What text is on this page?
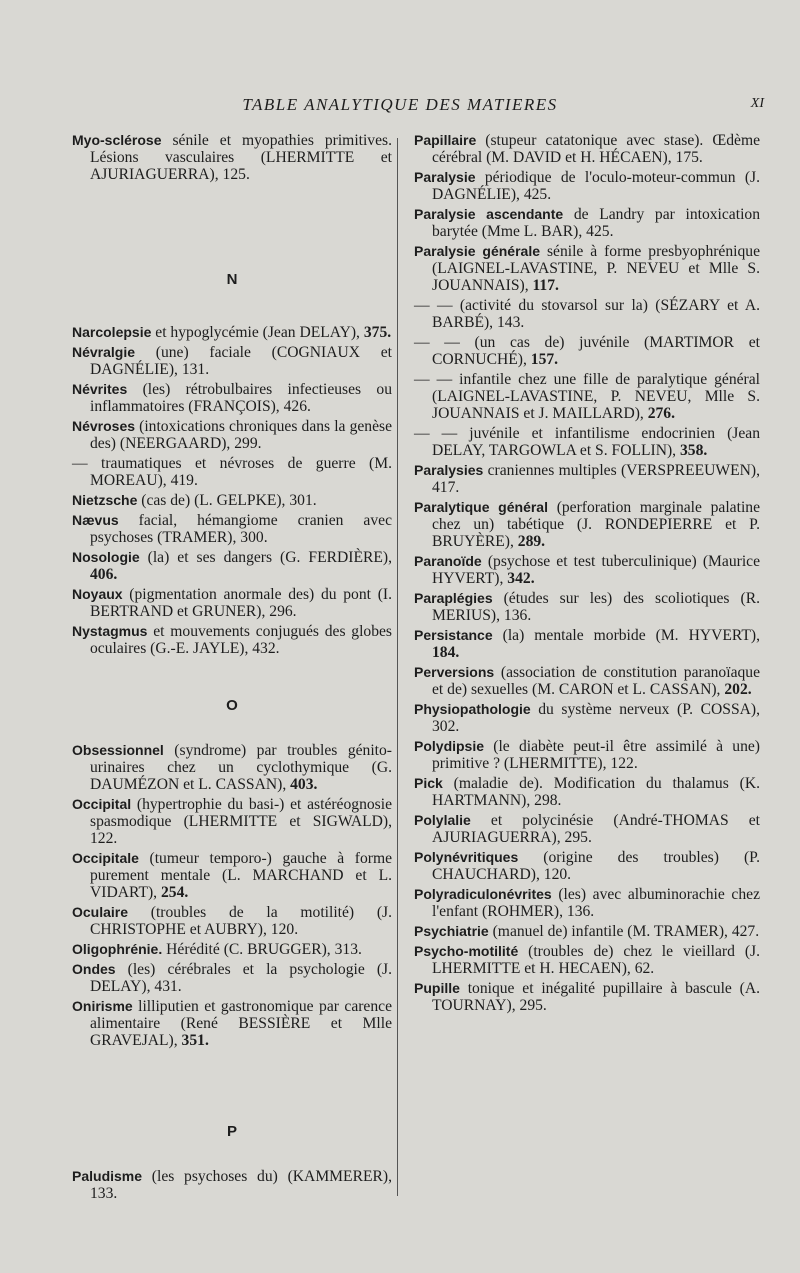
TABLE ANALYTIQUE DES MATIERES	XI
Myo-sclérose sénile et myopathies primitives. Lésions vasculaires (LHERMITTE et AJURIAGUERRA), 125.
N
Narcolepsie et hypoglycémie (Jean DELAY), 375.
Névralgie (une) faciale (COGNIAUX et DAGNÉLIE), 131.
Névrites (les) rétrobulbaires infectieuses ou inflammatoires (FRANÇOIS), 426.
Névroses (intoxications chroniques dans la genèse des) (NEERGAARD), 299.
— traumatiques et névroses de guerre (M. MOREAU), 419.
Nietzsche (cas de) (L. GELPKE), 301.
Nævus facial, hémangiome cranien avec psychoses (TRAMER), 300.
Nosologie (la) et ses dangers (G. FERDIÈRE), 406.
Noyaux (pigmentation anormale des) du pont (I. BERTRAND et GRUNER), 296.
Nystagmus et mouvements conjugués des globes oculaires (G.-E. JAYLE), 432.
O
Obsessionnel (syndrome) par troubles génito-urinaires chez un cyclothymique (G. DAUMÉZON et L. CASSAN), 403.
Occipital (hypertrophie du basi-) et astéréognosie spasmodique (LHERMITTE et SIGWALD), 122.
Occipitale (tumeur temporo-) gauche à forme purement mentale (L. MARCHAND et L. VIDART), 254.
Oculaire (troubles de la motilité) (J. CHRISTOPHE et AUBRY), 120.
Oligophrénie. Hérédité (C. BRUGGER), 313.
Ondes (les) cérébrales et la psychologie (J. DELAY), 431.
Onirisme lilliputien et gastronomique par carence alimentaire (René BESSIÈRE et Mlle GRAVEJAL), 351.
P
Paludisme (les psychoses du) (KAMMERER), 133.
Papillaire (stupeur catatonique avec stase). Œdème cérébral (M. DAVID et H. HÉCAEN), 175.
Paralysie périodique de l'oculo-moteur-commun (J. DAGNÉLIE), 425.
Paralysie ascendante de Landry par intoxication barytée (Mme L. BAR), 425.
Paralysie générale sénile à forme presbyophrénique (LAIGNEL-LAVASTINE, P. NEVEU et Mlle S. JOUANNAIS), 117.
— — (activité du stovarsol sur la) (SÉZARY et A. BARBÉ), 143.
— — (un cas de) juvénile (MARTIMOR et CORNUCHÉ), 157.
— — infantile chez une fille de paralytique général (LAIGNEL-LAVASTINE, P. NEVEU, Mlle S. JOUANNAIS et J. MAILLARD), 276.
— — juvénile et infantilisme endocrinien (Jean DELAY, TARGOWLA et S. FOLLIN), 358.
Paralysies craniennes multiples (VERSPREEUWEN), 417.
Paralytique général (perforation marginale palatine chez un) tabétique (J. RONDEPIERRE et P. BRUYÈRE), 289.
Paranoïde (psychose et test tuberculinique) (Maurice HYVERT), 342.
Paraplégies (études sur les) des scoliotiques (R. MERIUS), 136.
Persistance (la) mentale morbide (M. HYVERT), 184.
Perversions (association de constitution paranoïaque et de) sexuelles (M. CARON et L. CASSAN), 202.
Physiopathologie du système nerveux (P. COSSA), 302.
Polydipsie (le diabète peut-il être assimilé à une) primitive ? (LHERMITTE), 122.
Pick (maladie de). Modification du thalamus (K. HARTMANN), 298.
Polylalie et polycinésie (André-THOMAS et AJURIAGUERRA), 295.
Polynévritiques (origine des troubles) (P. CHAUCHARD), 120.
Polyradiculonévrites (les) avec albuminorachie chez l'enfant (ROHMER), 136.
Psychiatrie (manuel de) infantile (M. TRAMER), 427.
Psycho-motilité (troubles de) chez le vieillard (J. LHERMITTE et H. HECAEN), 62.
Pupille tonique et inégalité pupillaire à bascule (A. TOURNAY), 295.
